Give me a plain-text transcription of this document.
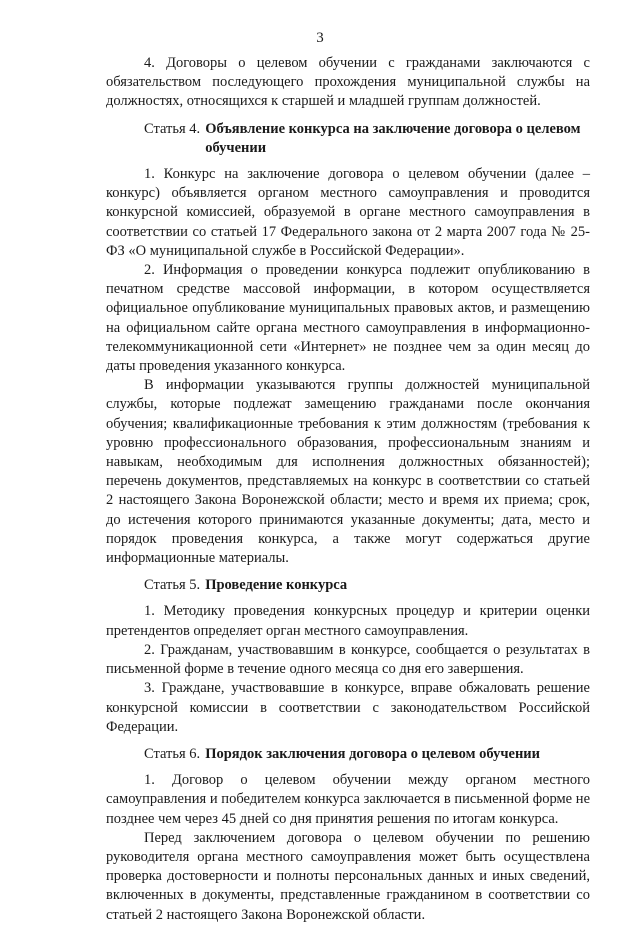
3

4. Договоры о целевом обучении с гражданами заключаются с обязательством последующего прохождения муниципальной службы на должностях, относящихся к старшей и младшей группам должностей.

Статья 4. Объявление конкурса на заключение договора о целевом обучении

1. Конкурс на заключение договора о целевом обучении (далее – конкурс) объявляется органом местного самоуправления и проводится конкурсной комиссией, образуемой в органе местного самоуправления в соответствии со статьей 17 Федерального закона от 2 марта 2007 года № 25-ФЗ «О муниципальной службе в Российской Федерации».

2. Информация о проведении конкурса подлежит опубликованию в печатном средстве массовой информации, в котором осуществляется официальное опубликование муниципальных правовых актов, и размещению на официальном сайте органа местного самоуправления в информационно-телекоммуникационной сети «Интернет» не позднее чем за один месяц до даты проведения указанного конкурса.

В информации указываются группы должностей муниципальной службы, которые подлежат замещению гражданами после окончания обучения; квалификационные требования к этим должностям (требования к уровню профессионального образования, профессиональным знаниям и навыкам, необходимым для исполнения должностных обязанностей); перечень документов, представляемых на конкурс в соответствии со статьей 2 настоящего Закона Воронежской области; место и время их приема; срок, до истечения которого принимаются указанные документы; дата, место и порядок проведения конкурса, а также могут содержаться другие информационные материалы.

Статья 5. Проведение конкурса

1. Методику проведения конкурсных процедур и критерии оценки претендентов определяет орган местного самоуправления.

2. Гражданам, участвовавшим в конкурсе, сообщается о результатах в письменной форме в течение одного месяца со дня его завершения.

3. Граждане, участвовавшие в конкурсе, вправе обжаловать решение конкурсной комиссии в соответствии с законодательством Российской Федерации.

Статья 6. Порядок заключения договора о целевом обучении

1. Договор о целевом обучении между органом местного самоуправления и победителем конкурса заключается в письменной форме не позднее чем через 45 дней со дня принятия решения по итогам конкурса.

Перед заключением договора о целевом обучении по решению руководителя органа местного самоуправления может быть осуществлена проверка достоверности и полноты персональных данных и иных сведений, включенных в документы, представленные гражданином в соответствии со статьей 2 настоящего Закона Воронежской области.
